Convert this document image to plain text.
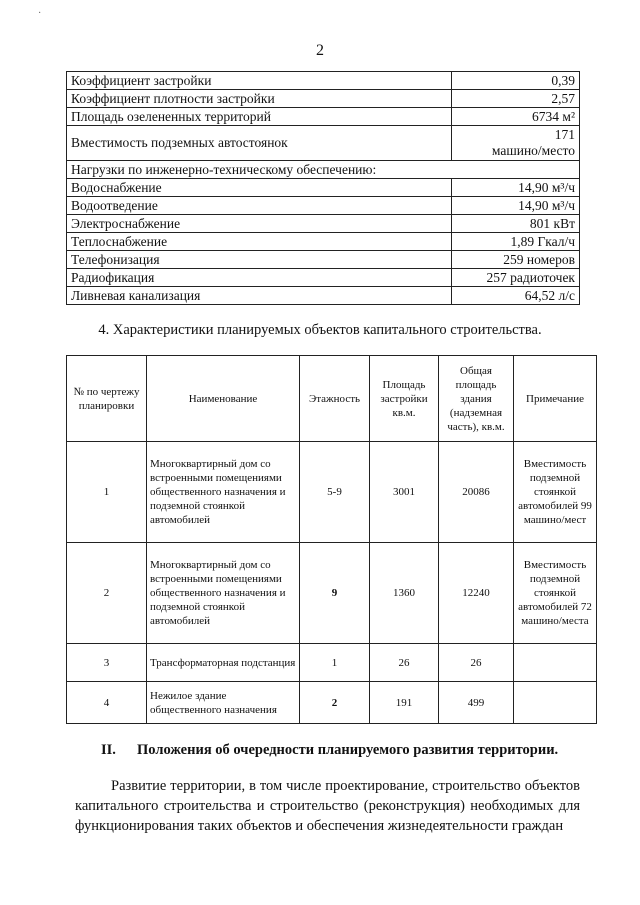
·
2
Коэффициент застройки	0,39
Коэффициент плотности застройки	2,57
Площадь озелененных территорий	6734 м²
Вместимость подземных автостоянок	171
машино/место

Нагрузки по инженерно-техническому обеспечению:	
Водоснабжение	14,90 м³/ч
Водоотведение	14,90 м³/ч
Электроснабжение	801 кВт
Теплоснабжение	1,89 Гкал/ч
Телефонизация	259 номеров
Радиофикация	257 радиоточек
Ливневая канализация	64,52 л/с
4. Характеристики планируемых объектов капитального строительства.
№ по чертежу планировки	Наименование	Этажность	Площадь застройки кв.м.	Общая площадь здания (надземная часть), кв.м.	Примечание
1	Многоквартирный дом со встроенными помещениями общественного назначения и подземной стоянкой автомобилей	5-9	3001	20086	Вместимость подземной стоянкой автомобилей 99 машино/мест
2	Многоквартирный дом со встроенными помещениями общественного назначения и подземной стоянкой автомобилей	9	1360	12240	Вместимость подземной стоянкой автомобилей 72 машино/места
3	Трансформаторная подстанция	1	26	26	
4	Нежилое здание общественного назначения	2	191	499	
II. Положения об очередности планируемого развития территории.
Развитие территории, в том числе проектирование, строительство объектов капитального строительства и строительство (реконструкция) необходимых для функционирования таких объектов и обеспечения жизнедеятельности граждан
